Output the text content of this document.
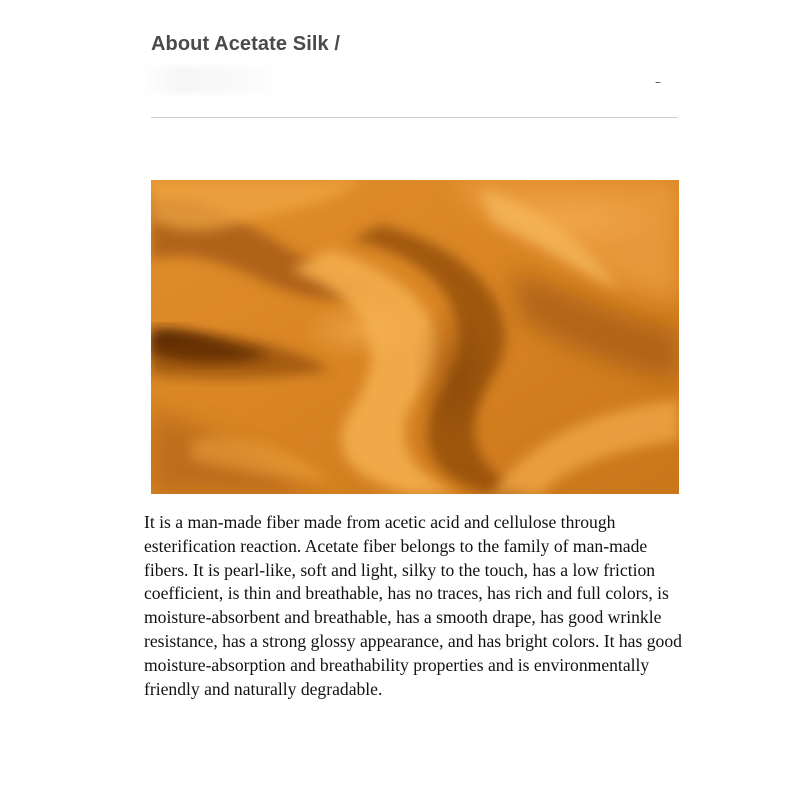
About Acetate Silk /
–

It is a man-made fiber made from acetic acid and cellulose through esterification reaction. Acetate fiber belongs to the family of man-made fibers. It is pearl-like, soft and light, silky to the touch, has a low friction coefficient, is thin and breathable, has no traces, has rich and full colors, is moisture-absorbent and breathable, has a smooth drape, has good wrinkle resistance, has a strong glossy appearance, and has bright colors. It has good moisture-absorption and breathability properties and is environmentally friendly and naturally degradable.
